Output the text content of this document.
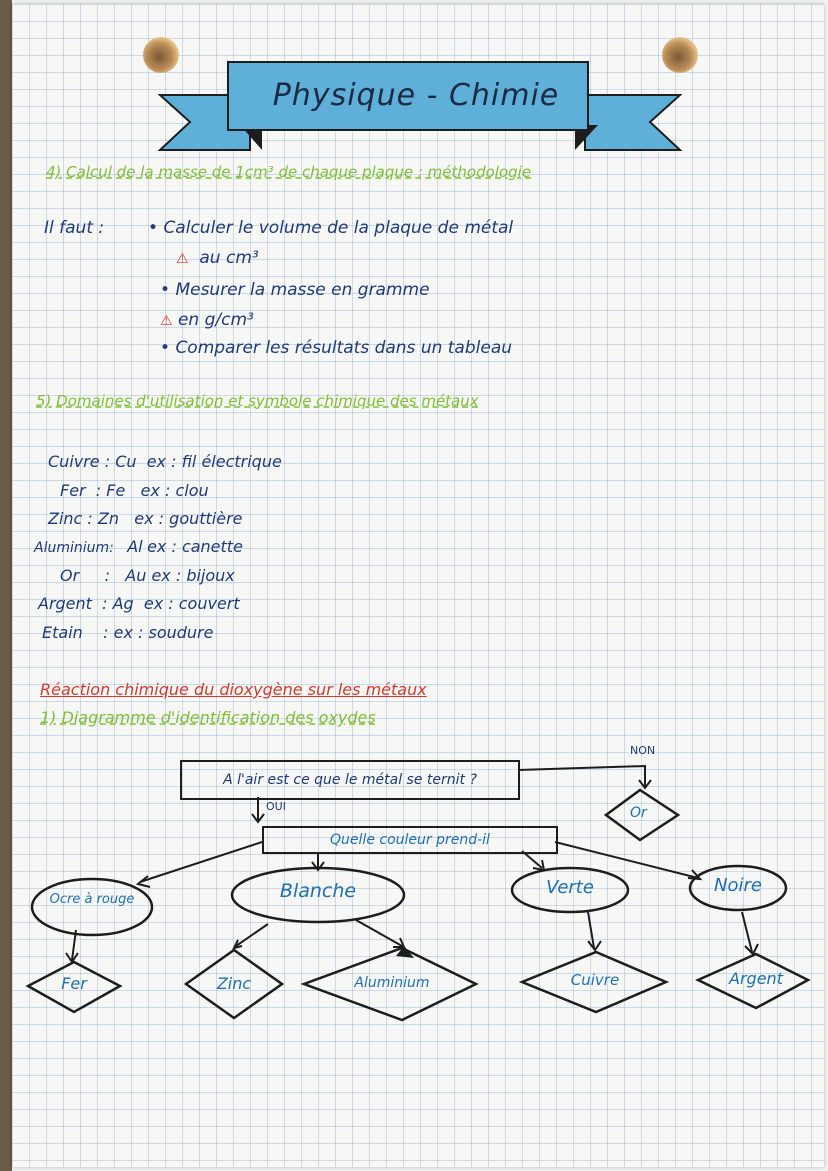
Physique - Chimie
4) Calcul de la masse de 1cm³ de chaque plaque : méthodologie
Il faut :	• Calculer le volume de la plaque de métal
⚠ au cm³
• Mesurer la masse en gramme
⚠ en g/cm³
• Comparer les résultats dans un tableau
5) Domaines d'utilisation et symbole chimique des métaux
Cuivre : Cu ex : fil électrique
Fer  : Fe ex : clou
Zinc : Zn ex : gouttière
Aluminium:   Al ex : canette
Or     :   Au ex : bijoux
Argent  : Ag ex : couvert
Etain    : ex : soudure
Réaction chimique du dioxygène sur les métaux
1) Diagramme d'identification des oxydes
A l'air est ce que le métal se ternit ?
NON
OUI	Or
Quelle couleur prend-il
Ocre à rouge	Blanche	Verte	Noire
Fer	Zinc	Aluminium	Cuivre	Argent
